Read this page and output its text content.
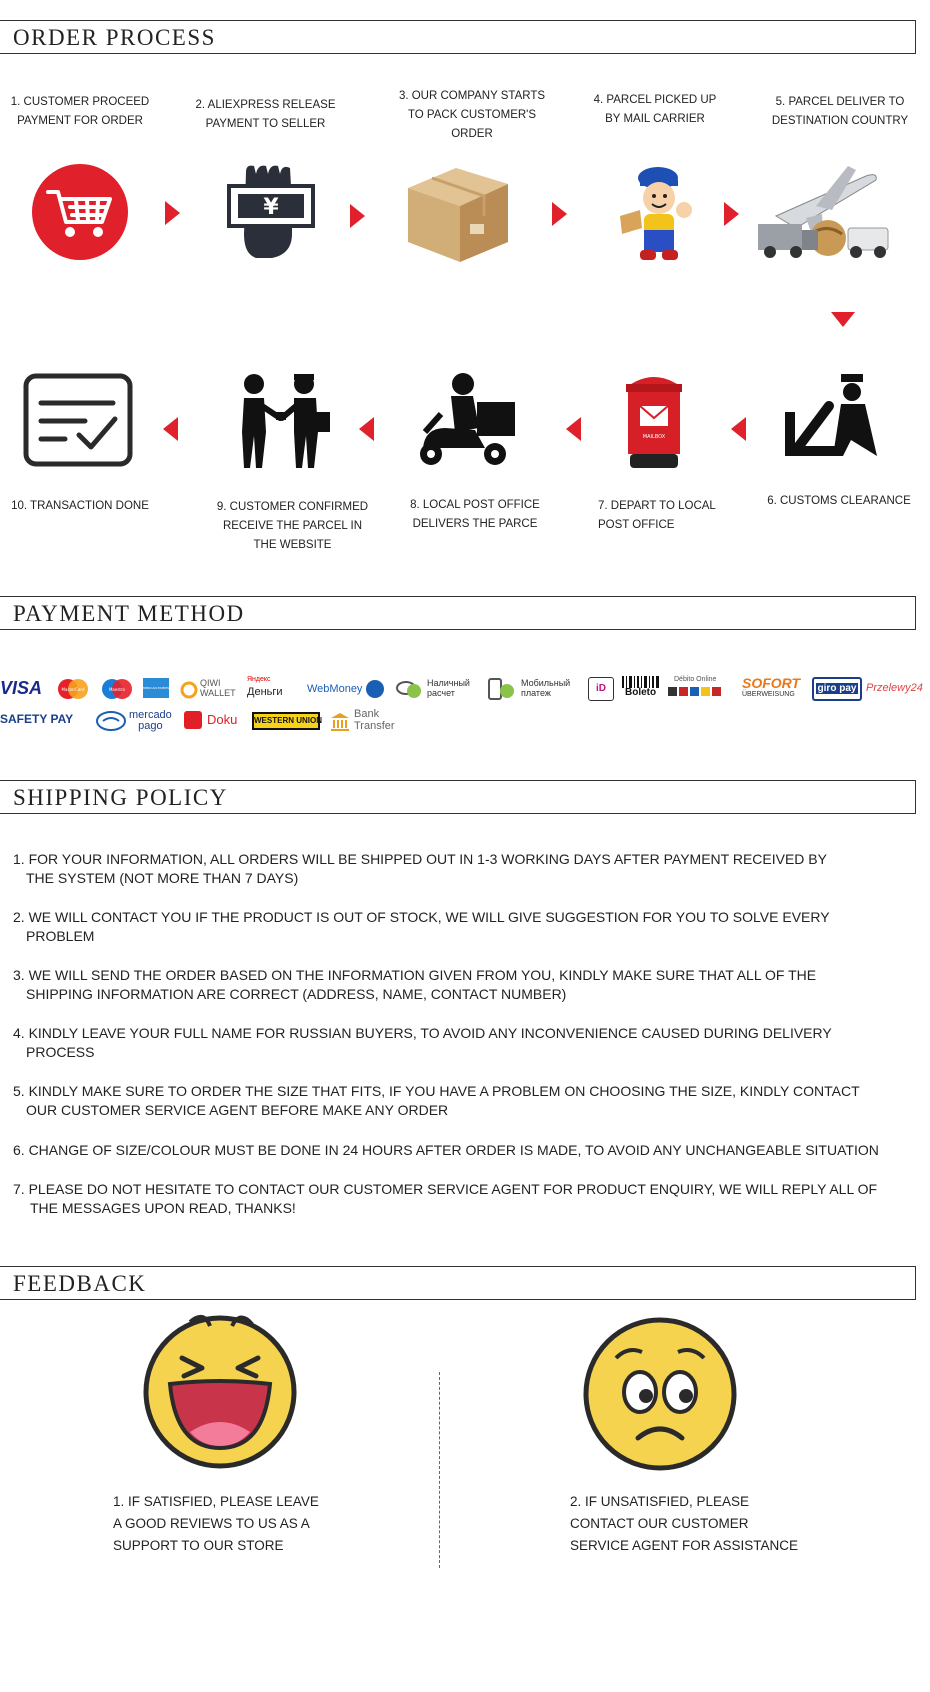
ORDER PROCESS
1. CUSTOMER PROCEED
PAYMENT FOR ORDER
2. ALIEXPRESS RELEASE
PAYMENT TO SELLER
3. OUR COMPANY STARTS
TO PACK CUSTOMER'S
ORDER
4. PARCEL PICKED UP
BY MAIL CARRIER
5. PARCEL DELIVER TO
DESTINATION COUNTRY
¥
MAILBOX
6. CUSTOMS CLEARANCE
7. DEPART TO LOCAL
POST OFFICE
8. LOCAL POST OFFICE
DELIVERS THE PARCE
9. CUSTOMER CONFIRMED
RECEIVE THE PARCEL IN
THE WEBSITE
10. TRANSACTION DONE
PAYMENT METHOD
VISA	MasterCard	Maestro	AMERICAN EXPRESS	QIWI
WALLET
Яндекс
Деньги WebMoney	Наличный
расчет
Мобильный
платеж	iD	Boleto
Débito Online SOFORT
ÜBERWEISUNG
giro pay Przelewy24
SAFETY PAY	mercado
pago	Doku WESTERN UNION
Bank
Transfer
SHIPPING POLICY
1. FOR YOUR INFORMATION, ALL ORDERS WILL BE SHIPPED OUT IN 1-3 WORKING DAYS AFTER PAYMENT RECEIVED BY
THE SYSTEM (NOT MORE THAN 7 DAYS)
2. WE WILL CONTACT YOU IF THE PRODUCT IS OUT OF STOCK, WE WILL GIVE SUGGESTION FOR YOU TO SOLVE EVERY
PROBLEM
3. WE WILL SEND THE ORDER BASED ON THE INFORMATION GIVEN FROM YOU, KINDLY MAKE SURE THAT ALL OF THE
SHIPPING INFORMATION ARE CORRECT (ADDRESS, NAME, CONTACT NUMBER)
4. KINDLY LEAVE YOUR FULL NAME FOR RUSSIAN BUYERS, TO AVOID ANY INCONVENIENCE CAUSED DURING DELIVERY
PROCESS
5. KINDLY MAKE SURE TO ORDER THE SIZE THAT FITS, IF YOU HAVE A PROBLEM ON CHOOSING THE SIZE, KINDLY CONTACT
OUR CUSTOMER SERVICE AGENT BEFORE MAKE ANY ORDER
6. CHANGE OF SIZE/COLOUR MUST BE DONE IN 24 HOURS AFTER ORDER IS MADE, TO AVOID ANY UNCHANGEABLE SITUATION
7. PLEASE DO NOT HESITATE TO CONTACT OUR CUSTOMER SERVICE AGENT FOR PRODUCT ENQUIRY, WE WILL REPLY ALL OF
THE MESSAGES UPON READ, THANKS!
FEEDBACK
1. IF SATISFIED, PLEASE LEAVE
A GOOD REVIEWS TO US AS A
SUPPORT TO OUR STORE
2. IF UNSATISFIED, PLEASE
CONTACT OUR CUSTOMER
SERVICE AGENT FOR ASSISTANCE
